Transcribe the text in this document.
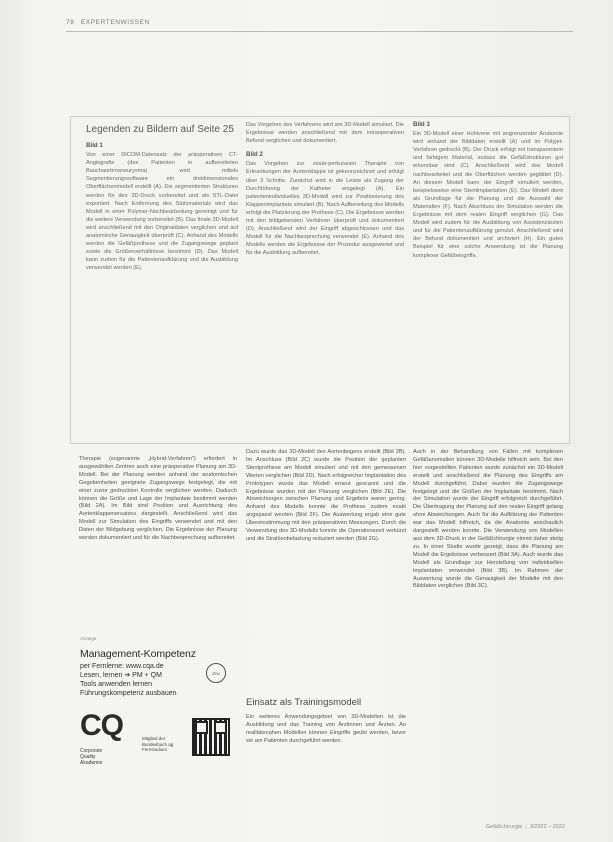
78 EXPERTENWISSEN
Legenden zu Bildern auf Seite 25
Bild 1

Von einer DICOM-Datensatz der präoperativen CT-Angiografie (des Patienten in aufbereiteten Bauchaortenaneurysma) wird mittels Segmentierungssoftware ein dreidimensionales Oberflächenmodell erstellt (A). Die segmentierten Strukturen werden für den 3D-Druck vorbereitet und als STL-Datei exportiert. Nach Entfernung des Stützmaterials wird das Modell in einer Polymer-Nachbearbeitung gereinigt und für die weitere Verwendung vorbereitet (B). Das finale 3D-Modell wird anschließend mit den Originaldaten verglichen und auf anatomische Genauigkeit überprüft (C). Anhand des Modells werden die Gefäßprothese und die Zugangswege geplant sowie die Größenverhältnisse bestimmt (D). Das Modell kann zudem für die Patientenaufklärung und die Ausbildung verwendet werden (E).

Das Vorgehen des Verfahrens wird am 3D-Modell simuliert. Die Ergebnisse werden anschließend mit dem intraoperativen Befund verglichen und dokumentiert.

Bild 2

Das Vorgehen zur ossär-perkutanen Therapie von Erkrankungen der Aortenklappe ist gekennzeichnet und erfolgt über 3 Schritte. Zunächst wird in die Leiste als Zugang der Durchführung der Katheter eingelegt (A). Ein patientenindividuelles 3D-Modell wird zur Positionierung des Klappenimplantats simuliert (B). Nach Aufbereitung des Modells erfolgt die Platzierung der Prothese (C). Die Ergebnisse werden mit den bildgebenden Verfahren überprüft und dokumentiert (D). Anschließend wird der Eingriff abgeschlossen und das Modell für die Nachbesprechung verwendet (E). Anhand des Modells werden die Ergebnisse der Prozedur ausgewertet und für die Ausbildung aufbereitet.

Bild 3

Ein 3D-Modell einer Hohlvene mit angrenzender Anatomie wird anhand der Bilddaten erstellt (A) und im Polyjet-Verfahren gedruckt (B). Der Druck erfolgt mit transparentem und farbigem Material, sodass die Gefäßstrukturen gut erkennbar sind (C). Anschließend wird das Modell nachbearbeitet und die Oberflächen werden geglättet (D). An diesem Modell kann der Eingriff simuliert werden, beispielsweise eine Stentimplantation (E). Das Modell dient als Grundlage für die Planung und die Auswahl der Materialien (F). Nach Abschluss der Simulation werden die Ergebnisse mit dem realen Eingriff verglichen (G). Das Modell wird zudem für die Ausbildung von Assistenzärzten und für die Patientenaufklärung genutzt. Anschließend wird der Befund dokumentiert und archiviert (H). Ein gutes Beispiel für eine solche Anwendung ist die Planung komplexer Gefäßeingriffe.

Therapie (sogenannte „Hybrid-Verfahren“) erfordert in ausgewählten Zentren auch eine präoperative Planung am 3D-Modell. Bei der Planung werden anhand der anatomischen Gegebenheiten geeignete Zugangswege festgelegt, die mit einer zuvor gedruckten Kontrolle verglichen werden. Dadurch können die Größe und Lage der Implantate bestimmt werden (Bild 2A). Im Bild sind Position und Ausrichtung des Aortenklappenersatzes dargestellt. Anschließend wird das Modell zur Simulation des Eingriffs verwendet und mit den Daten der Bildgebung verglichen. Die Ergebnisse der Planung werden dokumentiert und für die Nachbesprechung aufbereitet.
Dazu wurde das 3D-Modell des Aortenbogens erstellt (Bild 2B). Im Anschluss (Bild 2C) wurde die Position der geplanten Stentprothese am Modell simuliert und mit den gemessenen Werten verglichen (Bild 2D). Nach erfolgreicher Implantation des Prototypen wurde das Modell erneut gescannt und die Ergebnisse wurden mit der Planung verglichen (Bild 2E). Die Abweichungen zwischen Planung und Ergebnis waren gering. Anhand des Modells konnte die Prothese zudem exakt angepasst werden (Bild 2F). Die Auswertung ergab eine gute Übereinstimmung mit den präoperativen Messungen. Durch die Verwendung des 3D-Modells konnte die Operationszeit verkürzt und die Strahlenbelastung reduziert werden (Bild 2G).
Einsatz als Trainingsmodell
Ein weiteres Anwendungsgebiet von 3D-Modellen ist die Ausbildung und das Training von Ärztinnen und Ärzten. An realitätsnahen Modellen können Eingriffe geübt werden, bevor sie am Patienten durchgeführt werden.
Auch in der Behandlung von Fällen mit komplexen Gefäßanomalien können 3D-Modelle hilfreich sein. Bei den hier vorgestellten Patienten wurde zunächst ein 3D-Modell erstellt und anschließend die Planung des Eingriffs am Modell durchgeführt. Dabei wurden die Zugangswege festgelegt und die Größen der Implantate bestimmt. Nach der Simulation wurde der Eingriff erfolgreich durchgeführt. Die Übertragung der Planung auf den realen Eingriff gelang ohne Abweichungen. Auch für die Aufklärung der Patienten war das Modell hilfreich, da die Anatomie anschaulich dargestellt werden konnte. Die Verwendung von Modellen aus dem 3D-Druck in der Gefäßchirurgie nimmt daher stetig zu. In einer Studie wurde gezeigt, dass die Planung am Modell die Ergebnisse verbessert (Bild 3A). Auch wurde das Modell als Grundlage zur Herstellung von individuellen Implantaten verwendet (Bild 3B). Im Rahmen der Auswertung wurde die Genauigkeit der Modelle mit den Bilddaten verglichen (Bild 3C).
Anzeige
Management-Kompetenz
per Fernlerne: www.cqa.de
Lesen, lernen ➔ PM + QM
Tools anwenden lernen
Führungskompetenz ausbauen
ZFU
CQ
Corporate
Quality
Akademie
Mitglied der
Bundesbuch ag
Fernstudium
Gefäßchirurgie | 3/2022 – 2022
